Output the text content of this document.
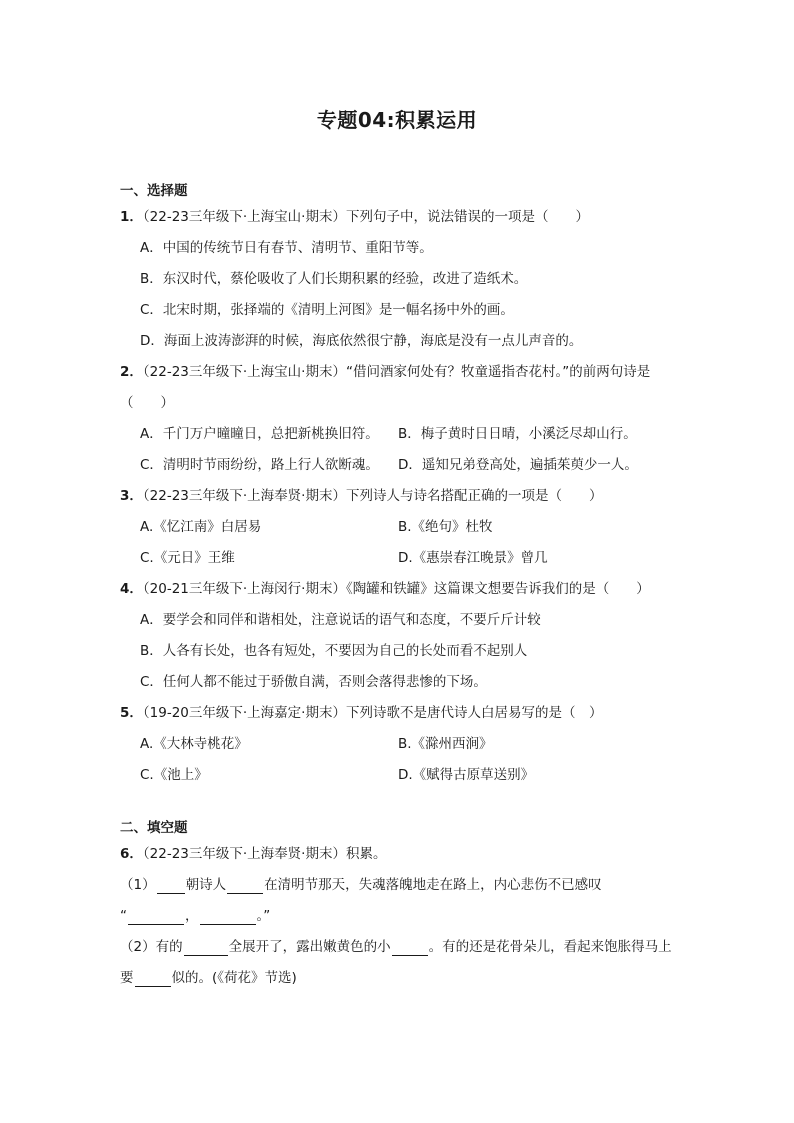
专题04:积累运用
一、选择题
1．（22-23三年级下·上海宝山·期末）下列句子中，说法错误的一项是（　　）
A．中国的传统节日有春节、清明节、重阳节等。
B．东汉时代，蔡伦吸收了人们长期积累的经验，改进了造纸术。
C．北宋时期，张择端的《清明上河图》是一幅名扬中外的画。
D．海面上波涛澎湃的时候，海底依然很宁静，海底是没有一点儿声音的。
2．（22-23三年级下·上海宝山·期末）“借问酒家何处有？牧童遥指杏花村。”的前两句诗是（　　）
A．千门万户曈曈日，总把新桃换旧符。	B．梅子黄时日日晴，小溪泛尽却山行。
C．清明时节雨纷纷，路上行人欲断魂。	D．遥知兄弟登高处，遍插茱萸少一人。
3．（22-23三年级下·上海奉贤·期末）下列诗人与诗名搭配正确的一项是（　　）
A.《忆江南》白居易	B.《绝句》杜牧
C.《元日》王维	D.《惠崇春江晚景》曾几
4．（20-21三年级下·上海闵行·期末）《陶罐和铁罐》这篇课文想要告诉我们的是（　　）
A．要学会和同伴和谐相处，注意说话的语气和态度，不要斤斤计较
B．人各有长处，也各有短处，不要因为自己的长处而看不起别人
C．任何人都不能过于骄傲自满，否则会落得悲惨的下场。
5．（19-20三年级下·上海嘉定·期末）下列诗歌不是唐代诗人白居易写的是（　）
A.《大林寺桃花》	B.《滁州西涧》
C.《池上》	D.《赋得古原草送别》
二、填空题
6．（22-23三年级下·上海奉贤·期末）积累。
（1） 朝诗人	在清明节那天，失魂落魄地走在路上，内心悲伤不已感叹
“	，	。”
（2）有的	全展开了，露出嫩黄色的小	。有的还是花骨朵儿，看起来饱胀得马上要	似的。(《荷花》节选)
